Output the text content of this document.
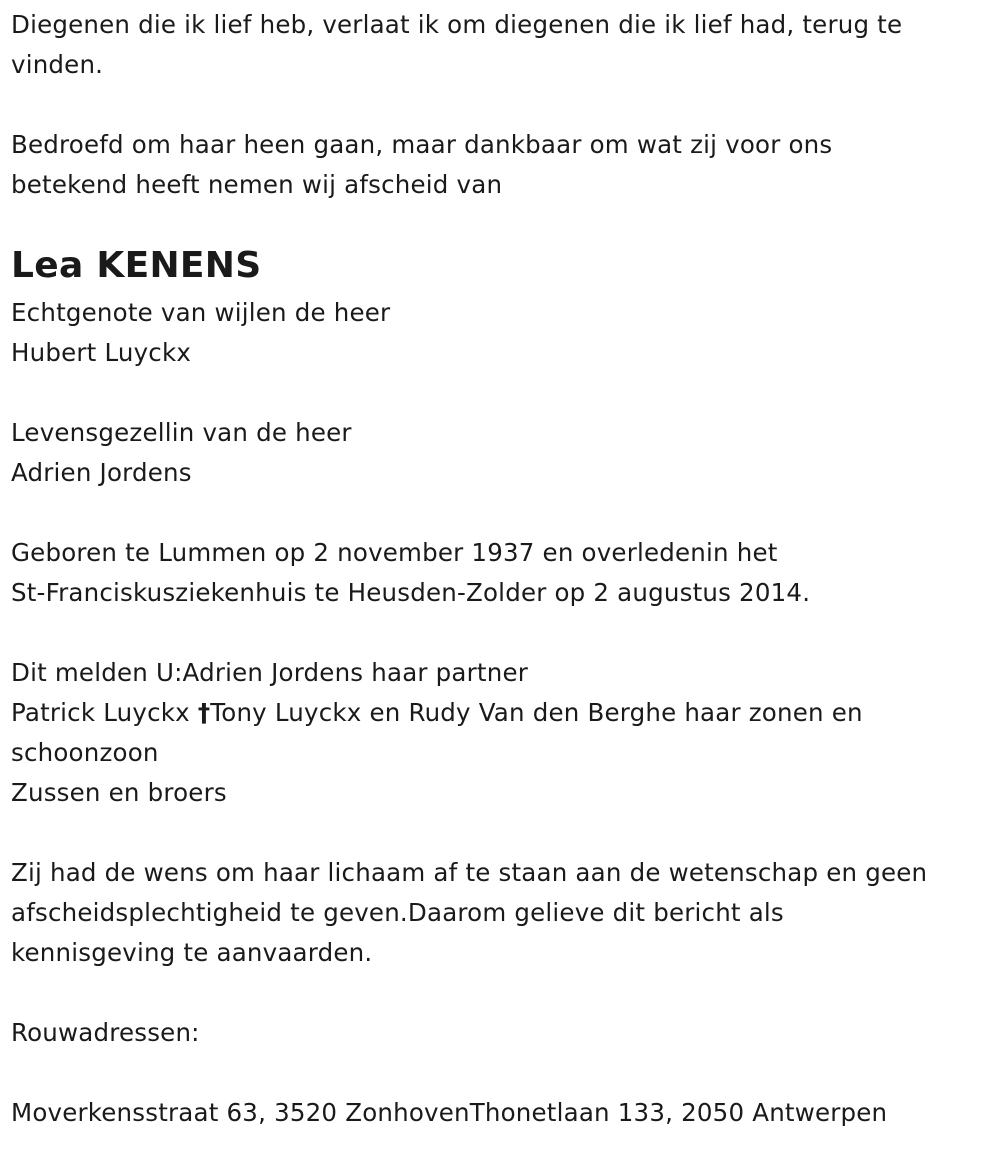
Diegenen die ik lief heb, verlaat ik om diegenen die ik lief had, terug te
vinden.
Bedroefd om haar heen gaan, maar dankbaar om wat zij voor ons
betekend heeft nemen wij afscheid van
Lea KENENS
Echtgenote van wijlen de heer
Hubert Luyckx
Levensgezellin van de heer
Adrien Jordens
Geboren te Lummen op 2 november 1937 en overledenin het
St-Franciskusziekenhuis te Heusden-Zolder op 2 augustus 2014.
Dit melden U:Adrien Jordens haar partner
Patrick Luyckx †Tony Luyckx en Rudy Van den Berghe haar zonen en
schoonzoon
Zussen en broers
Zij had de wens om haar lichaam af te staan aan de wetenschap en geen
afscheidsplechtigheid te geven.Daarom gelieve dit bericht als
kennisgeving te aanvaarden.
Rouwadressen:
Moverkensstraat 63, 3520 ZonhovenThonetlaan 133, 2050 Antwerpen
